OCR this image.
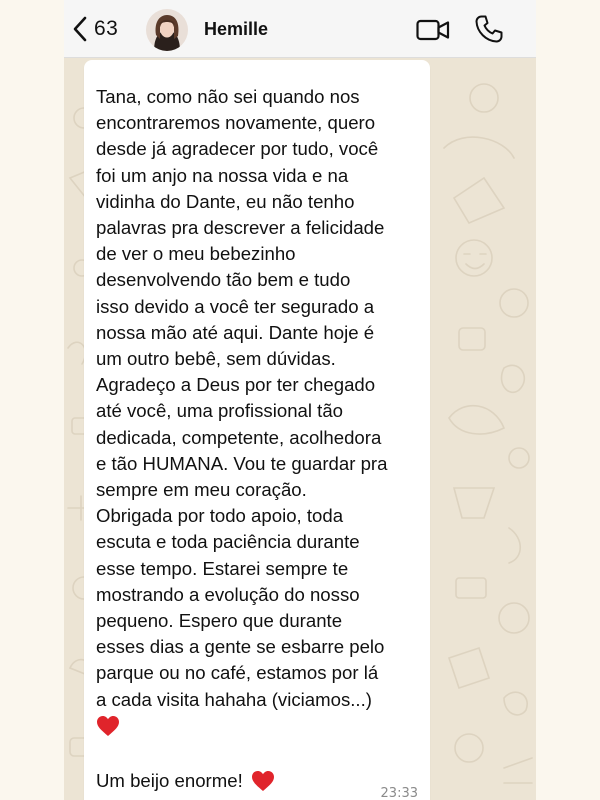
63	Hemille

Tana, como não sei quando nos
encontraremos novamente, quero
desde já agradecer por tudo, você
foi um anjo na nossa vida e na
vidinha do Dante, eu não tenho
palavras pra descrever a felicidade
de ver o meu bebezinho
desenvolvendo tão bem e tudo
isso devido a você ter segurado a
nossa mão até aqui. Dante hoje é
um outro bebê, sem dúvidas.
Agradeço a Deus por ter chegado
até você, uma profissional tão
dedicada, competente, acolhedora
e tão HUMANA. Vou te guardar pra
sempre em meu coração.
Obrigada por todo apoio, toda
escuta e toda paciência durante
esse tempo. Estarei sempre te
mostrando a evolução do nosso
pequeno. Espero que durante
esses dias a gente se esbarre pelo
parque ou no café, estamos por lá
a cada visita hahaha (viciamos...)

Um beijo enorme!
23:33
